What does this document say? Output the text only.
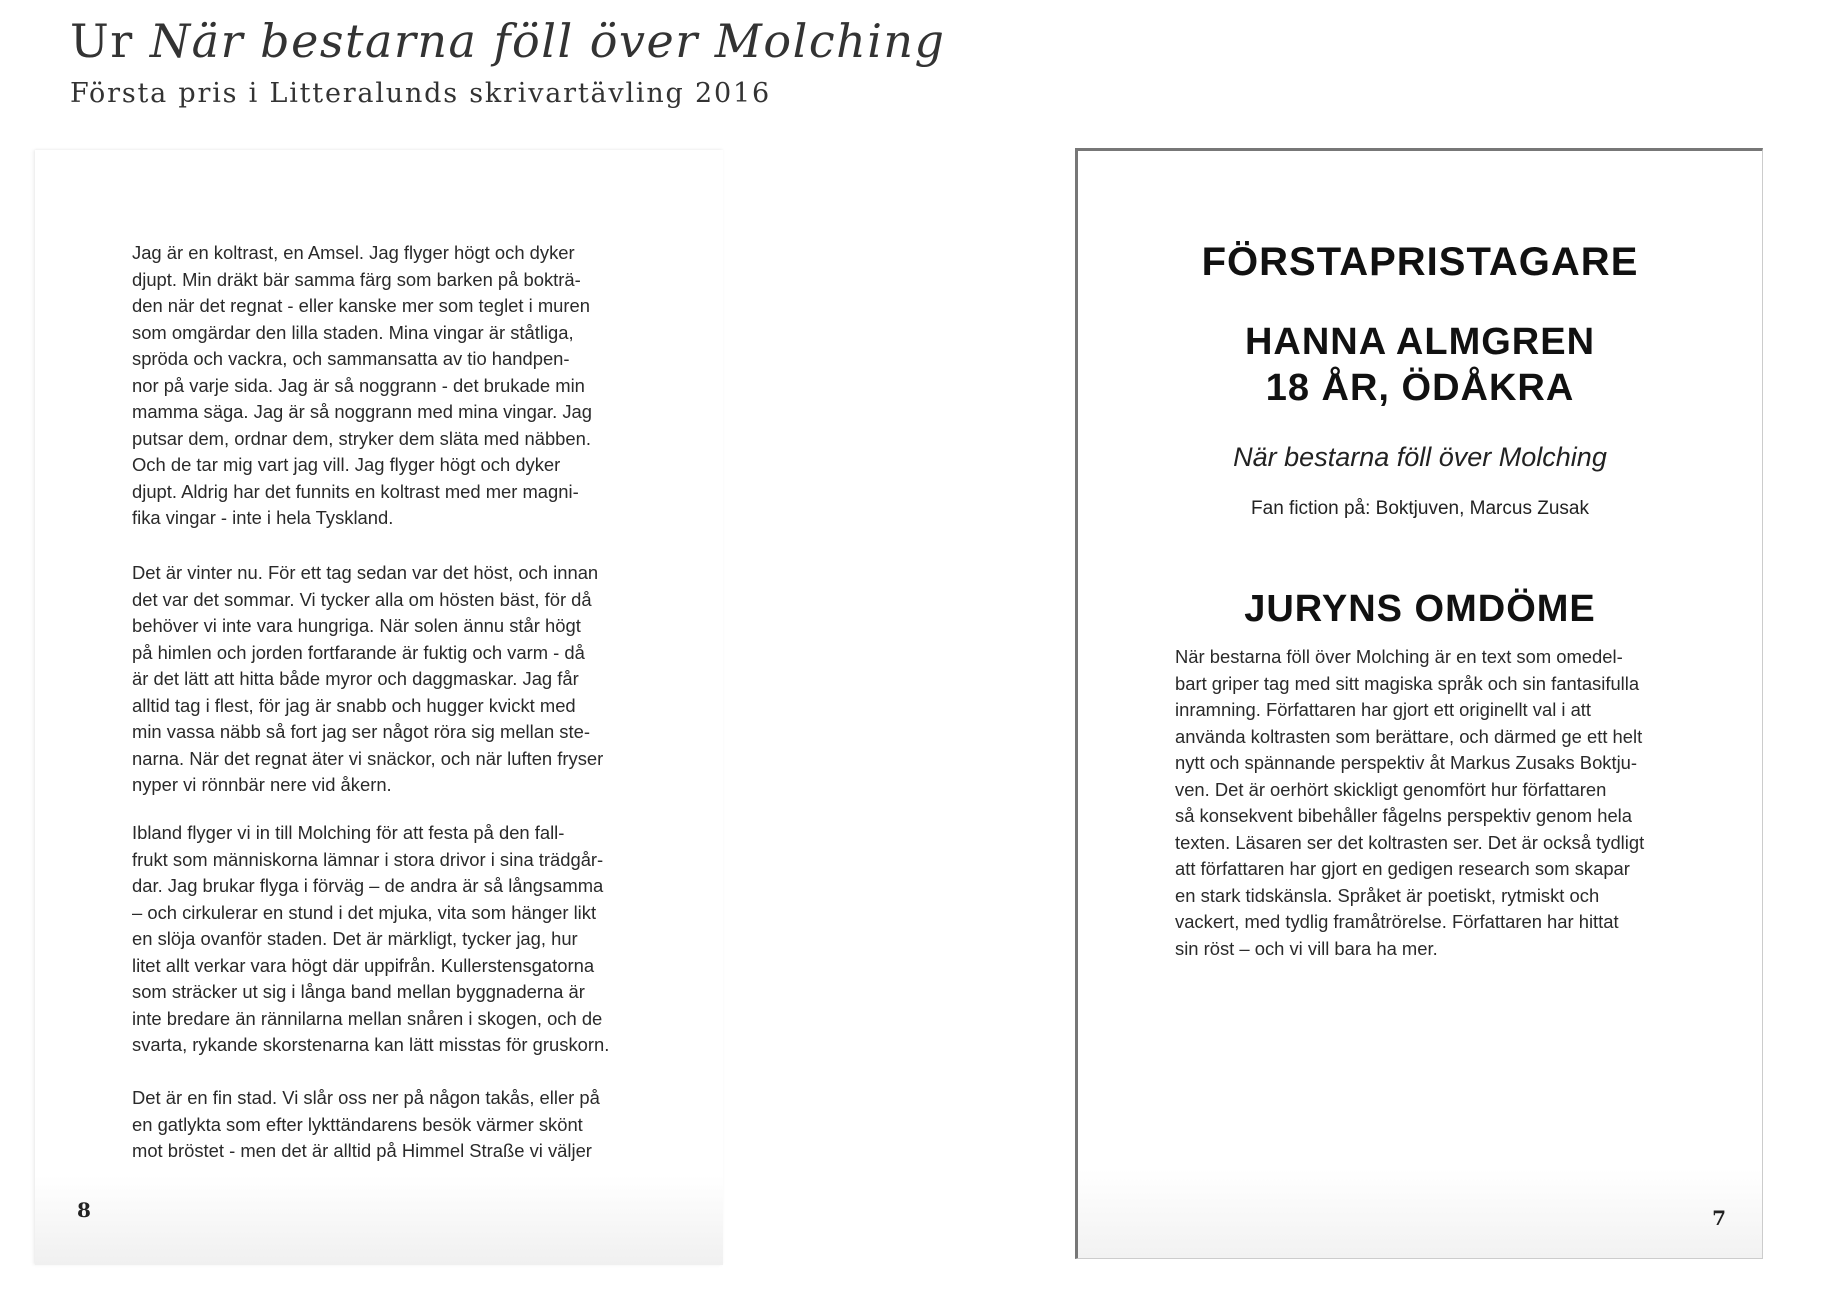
Ur När bestarna föll över Molching
Första pris i Litteralunds skrivartävling 2016

Jag är en koltrast, en Amsel. Jag flyger högt och dyker
djupt. Min dräkt bär samma färg som barken på bokträ-
den när det regnat - eller kanske mer som teglet i muren
som omgärdar den lilla staden. Mina vingar är ståtliga,
spröda och vackra, och sammansatta av tio handpen-
nor på varje sida. Jag är så noggrann - det brukade min
mamma säga. Jag är så noggrann med mina vingar. Jag
putsar dem, ordnar dem, stryker dem släta med näbben.
Och de tar mig vart jag vill. Jag flyger högt och dyker
djupt. Aldrig har det funnits en koltrast med mer magni-
fika vingar - inte i hela Tyskland.

Det är vinter nu. För ett tag sedan var det höst, och innan
det var det sommar. Vi tycker alla om hösten bäst, för då
behöver vi inte vara hungriga. När solen ännu står högt
på himlen och jorden fortfarande är fuktig och varm - då
är det lätt att hitta både myror och daggmaskar. Jag får
alltid tag i flest, för jag är snabb och hugger kvickt med
min vassa näbb så fort jag ser något röra sig mellan ste-
narna. När det regnat äter vi snäckor, och när luften fryser
nyper vi rönnbär nere vid åkern.

Ibland flyger vi in till Molching för att festa på den fall-
frukt som människorna lämnar i stora drivor i sina trädgår-
dar. Jag brukar flyga i förväg – de andra är så långsamma
– och cirkulerar en stund i det mjuka, vita som hänger likt
en slöja ovanför staden. Det är märkligt, tycker jag, hur
litet allt verkar vara högt där uppifrån. Kullerstensgatorna
som sträcker ut sig i långa band mellan byggnaderna är
inte bredare än rännilarna mellan snåren i skogen, och de
svarta, rykande skorstenarna kan lätt misstas för gruskorn.

Det är en fin stad. Vi slår oss ner på någon takås, eller på
en gatlykta som efter lykttändarens besök värmer skönt
mot bröstet - men det är alltid på Himmel Straße vi väljer

8
FÖRSTAPRISTAGARE
HANNA ALMGREN
18 ÅR, ÖDÅKRA
När bestarna föll över Molching
Fan fiction på: Boktjuven, Marcus Zusak
JURYNS OMDÖME

När bestarna föll över Molching är en text som omedel-
bart griper tag med sitt magiska språk och sin fantasifulla
inramning. Författaren har gjort ett originellt val i att
använda koltrasten som berättare, och därmed ge ett helt
nytt och spännande perspektiv åt Markus Zusaks Boktju-
ven. Det är oerhört skickligt genomfört hur författaren
så konsekvent bibehåller fågelns perspektiv genom hela
texten. Läsaren ser det koltrasten ser. Det är också tydligt
att författaren har gjort en gedigen research som skapar
en stark tidskänsla. Språket är poetiskt, rytmiskt och
vackert, med tydlig framåtrörelse. Författaren har hittat
sin röst – och vi vill bara ha mer.

7
